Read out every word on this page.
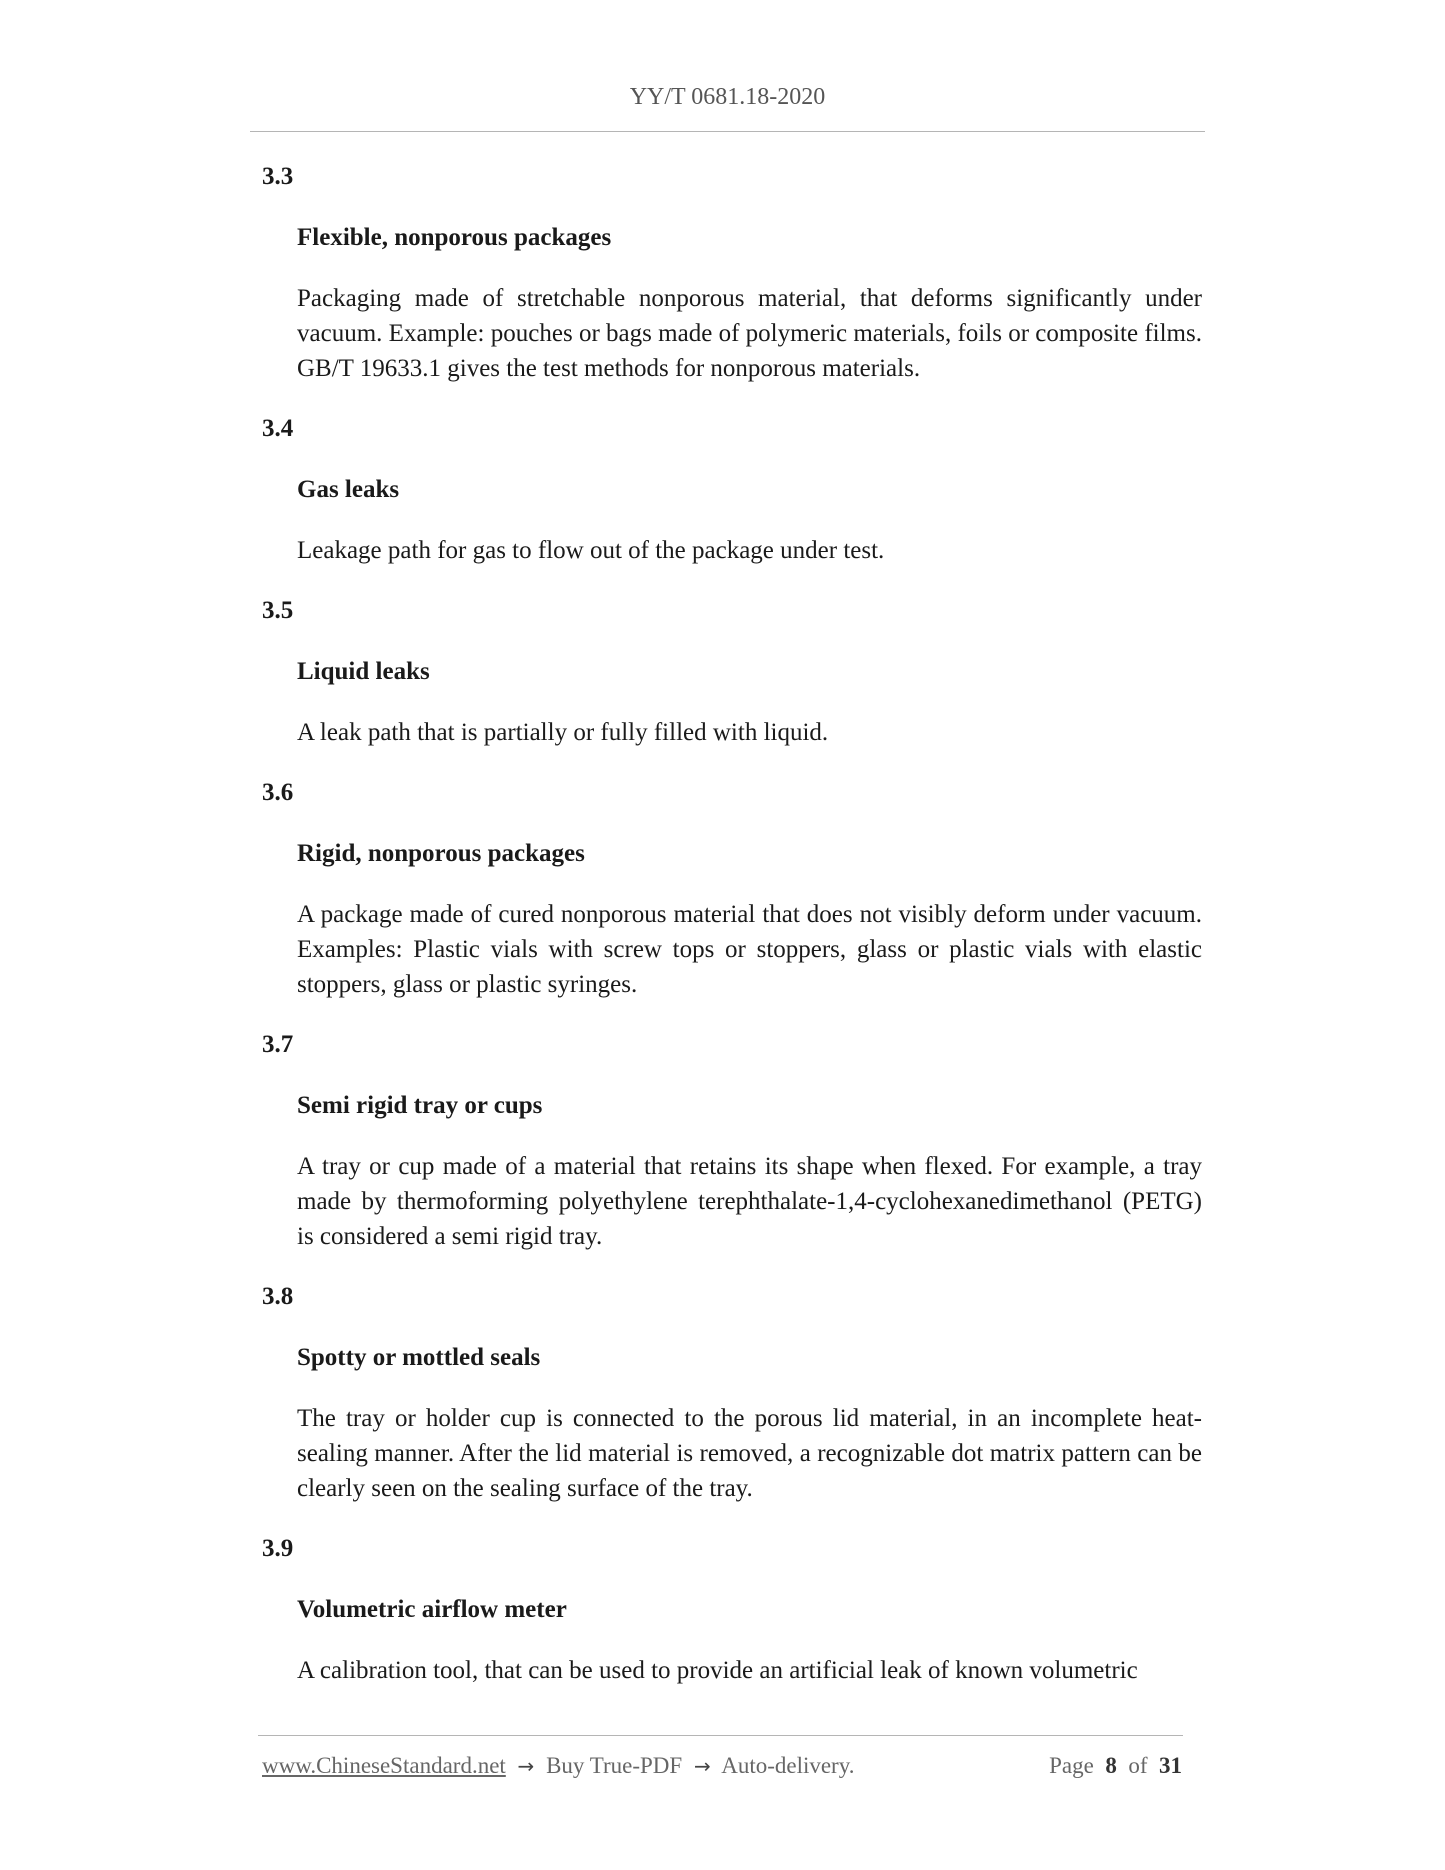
YY/T 0681.18-2020

3.3

Flexible, nonporous packages

Packaging made of stretchable nonporous material, that deforms significantly under vacuum. Example: pouches or bags made of polymeric materials, foils or composite films. GB/T 19633.1 gives the test methods for nonporous materials.

3.4

Gas leaks

Leakage path for gas to flow out of the package under test.

3.5

Liquid leaks

A leak path that is partially or fully filled with liquid.

3.6

Rigid, nonporous packages

A package made of cured nonporous material that does not visibly deform under vacuum. Examples: Plastic vials with screw tops or stoppers, glass or plastic vials with elastic stoppers, glass or plastic syringes.

3.7

Semi rigid tray or cups

A tray or cup made of a material that retains its shape when flexed. For example, a tray made by thermoforming polyethylene terephthalate-1,4-cyclohexanedimethanol (PETG) is considered a semi rigid tray.

3.8

Spotty or mottled seals

The tray or holder cup is connected to the porous lid material, in an incomplete heat-sealing manner. After the lid material is removed, a recognizable dot matrix pattern can be clearly seen on the sealing surface of the tray.

3.9

Volumetric airflow meter

A calibration tool, that can be used to provide an artificial leak of known volumetric

www.ChineseStandard.net → Buy True-PDF → Auto-delivery.	Page 8 of 31
